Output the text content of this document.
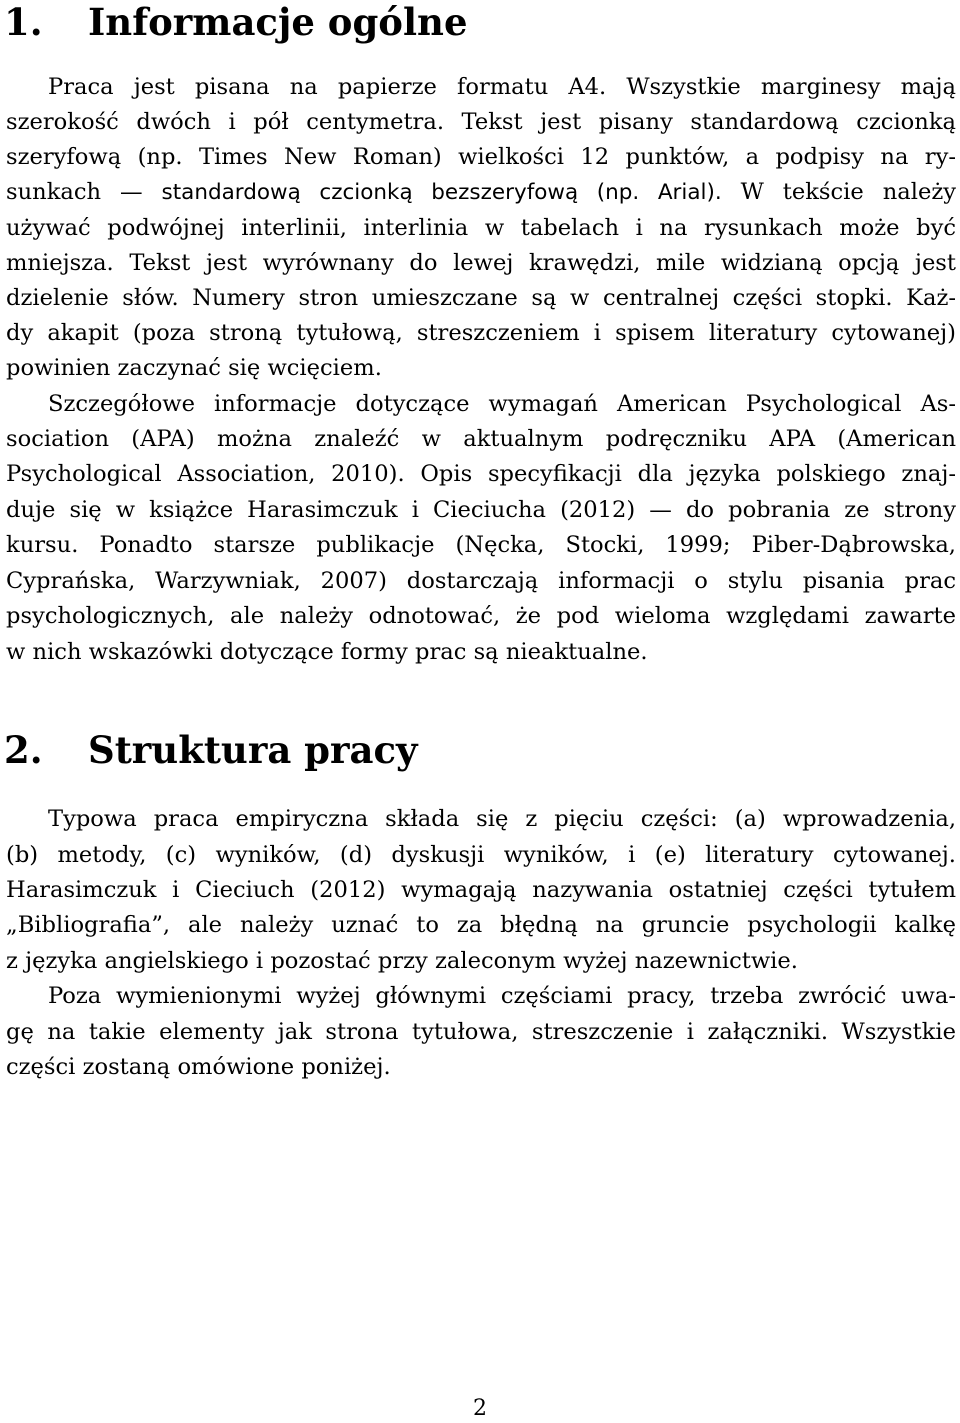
1. Informacje ogólne
Praca jest pisana na papierze formatu A4. Wszystkie marginesy mają
szerokość dwóch i pół centymetra. Tekst jest pisany standardową czcionką
szeryfową (np. Times New Roman) wielkości 12 punktów, a podpisy na ry-
sunkach — standardową czcionką bezszeryfową (np. Arial). W tekście należy
używać podwójnej interlinii, interlinia w tabelach i na rysunkach może być
mniejsza. Tekst jest wyrównany do lewej krawędzi, mile widzianą opcją jest
dzielenie słów. Numery stron umieszczane są w centralnej części stopki. Każ-
dy akapit (poza stroną tytułową, streszczeniem i spisem literatury cytowanej)
powinien zaczynać się wcięciem.
Szczegółowe informacje dotyczące wymagań American Psychological As-
sociation (APA) można znaleźć w aktualnym podręczniku APA (American
Psychological Association, 2010). Opis specyfikacji dla języka polskiego znaj-
duje się w książce Harasimczuk i Cieciucha (2012) — do pobrania ze strony
kursu. Ponadto starsze publikacje (Nęcka, Stocki, 1999; Piber-Dąbrowska,
Cyprańska, Warzywniak, 2007) dostarczają informacji o stylu pisania prac
psychologicznych, ale należy odnotować, że pod wieloma względami zawarte
w nich wskazówki dotyczące formy prac są nieaktualne.
2. Struktura pracy
Typowa praca empiryczna składa się z pięciu części: (a) wprowadzenia,
(b) metody, (c) wyników, (d) dyskusji wyników, i (e) literatury cytowanej.
Harasimczuk i Cieciuch (2012) wymagają nazywania ostatniej części tytułem
„Bibliografia”, ale należy uznać to za błędną na gruncie psychologii kalkę
z języka angielskiego i pozostać przy zaleconym wyżej nazewnictwie.
Poza wymienionymi wyżej głównymi częściami pracy, trzeba zwrócić uwa-
gę na takie elementy jak strona tytułowa, streszczenie i załączniki. Wszystkie
części zostaną omówione poniżej.
2
